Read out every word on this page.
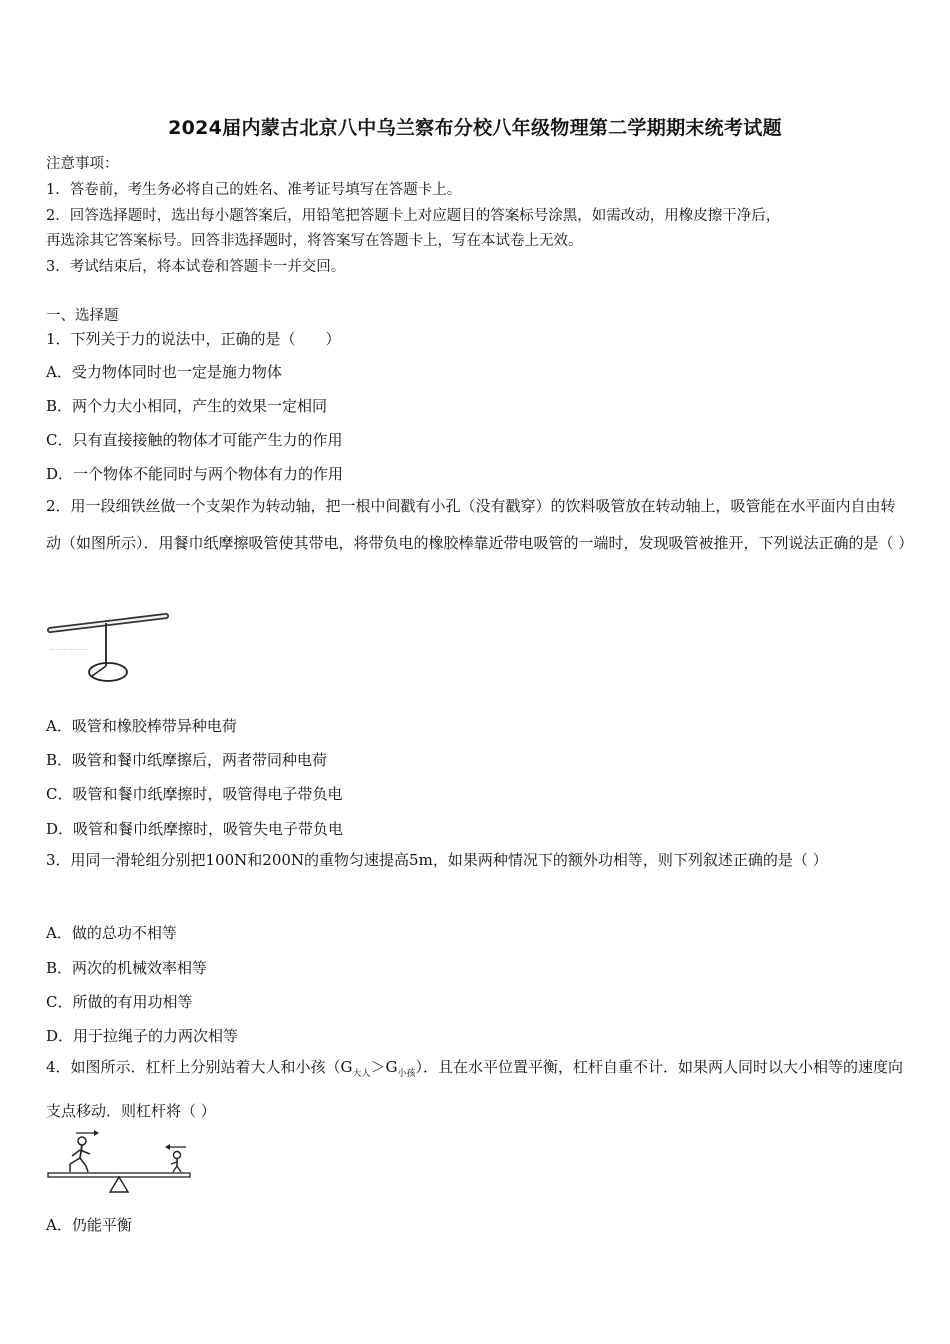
2024届内蒙古北京八中乌兰察布分校八年级物理第二学期期末统考试题
注意事项：
1．答卷前，考生务必将自己的姓名、准考证号填写在答题卡上。
2．回答选择题时，选出每小题答案后，用铅笔把答题卡上对应题目的答案标号涂黑，如需改动，用橡皮擦干净后，
再选涂其它答案标号。回答非选择题时，将答案写在答题卡上，写在本试卷上无效。
3．考试结束后，将本试卷和答题卡一并交回。
一、选择题
1．下列关于力的说法中，正确的是（　　）
A．受力物体同时也一定是施力物体
B．两个力大小相同，产生的效果一定相同
C．只有直接接触的物体才可能产生力的作用
D．一个物体不能同时与两个物体有力的作用
2．用一段细铁丝做一个支架作为转动轴，把一根中间戳有小孔（没有戳穿）的饮料吸管放在转动轴上，吸管能在水平面内自由转动（如图所示）．用餐巾纸摩擦吸管使其带电，将带负电的橡胶棒靠近带电吸管的一端时，发现吸管被推开，下列说法正确的是（ ）
~~~~~~
A．吸管和橡胶棒带异种电荷
B．吸管和餐巾纸摩擦后，两者带同种电荷
C．吸管和餐巾纸摩擦时，吸管得电子带负电
D．吸管和餐巾纸摩擦时，吸管失电子带负电
3．用同一滑轮组分别把100N和200N的重物匀速提高5m，如果两种情况下的额外功相等，则下列叙述正确的是（ ）
A．做的总功不相等
B．两次的机械效率相等
C．所做的有用功相等
D．用于拉绳子的力两次相等
4．如图所示．杠杆上分别站着大人和小孩$(G_{大人}>G_{小孩})$．且在水平位置平衡，杠杆自重不计．如果两人同时以大小相等的速度向支点移动．则杠杆将（ ）
A．仍能平衡
